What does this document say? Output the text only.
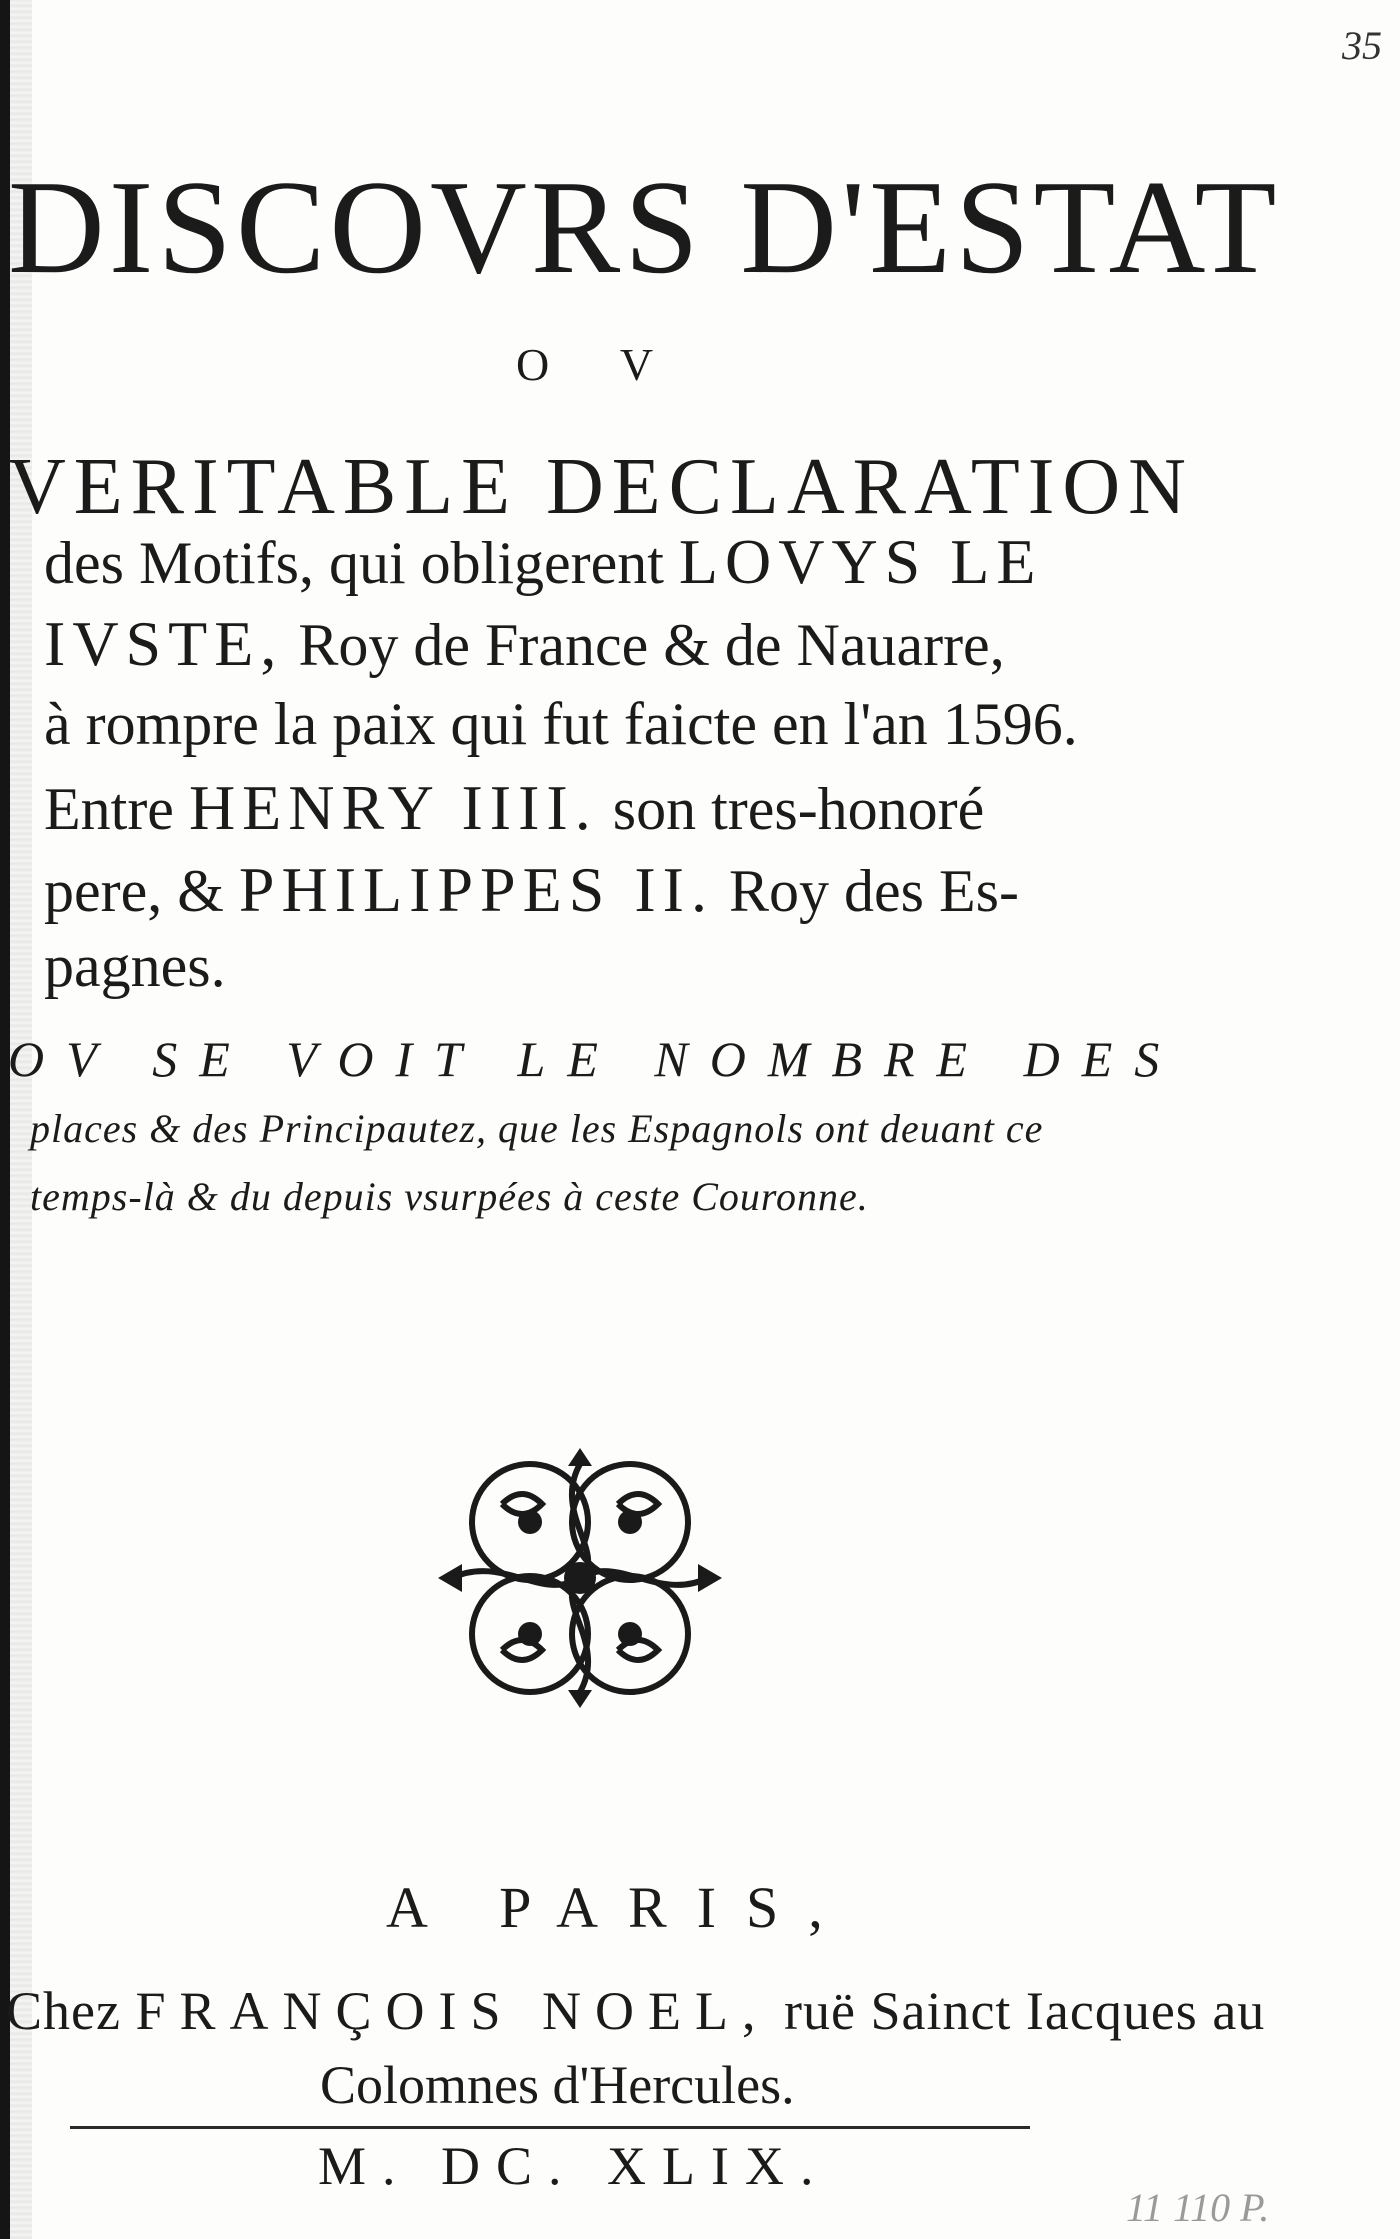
35

DISCOVRS D'ESTAT

O V

VERITABLE DECLARATION

des Motifs, qui obligerent LOVYS LE

IVSTE, Roy de France & de Nauarre,

à rompre la paix qui fut faicte en l'an 1596.

Entre HENRY IIII. son tres-honoré

pere, & PHILIPPES II. Roy des Es-

pagnes.

OV SE VOIT LE NOMBRE DES

places & des Principautez, que les Espagnols ont deuant ce

temps-là & du depuis vsurpées à ceste Couronne.

A PARIS,

Chez FRANÇOIS NOEL, ruë Sainct Iacques au

Colomnes d'Hercules.

M. DC. XLIX.

11 110 P.
